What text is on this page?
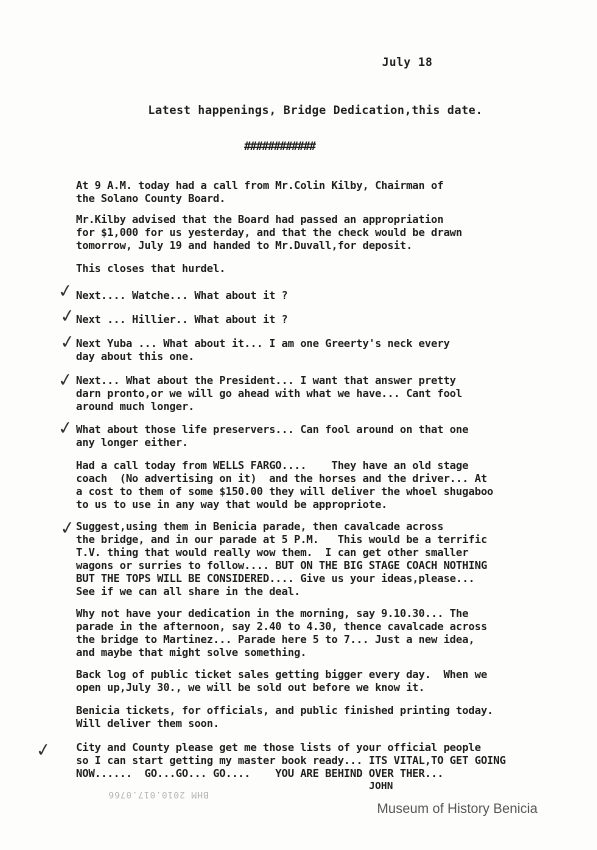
July 18
Latest happenings, Bridge Dedication,this date.
############
At 9 A.M. today had a call from Mr.Colin Kilby, Chairman of
the Solano County Board.
Mr.Kilby advised that the Board had passed an appropriation
for $1,000 for us yesterday, and that the check would be drawn
tomorrow, July 19 and handed to Mr.Duvall,for deposit.
This closes that hurdel.
Next.... Watche... What about it ?
Next ... Hillier.. What about it ?
Next Yuba ... What about it... I am one Greerty's neck every
day about this one.
Next... What about the President... I want that answer pretty
darn pronto,or we will go ahead with what we have... Cant fool
around much longer.
What about those life preservers... Can fool around on that one
any longer either.
Had a call today from WELLS FARGO....    They have an old stage
coach  (No advertising on it)  and the horses and the driver... At
a cost to them of some $150.00 they will deliver the whoel shugaboo
to us to use in any way that would be appropriote.
Suggest,using them in Benicia parade, then cavalcade across
the bridge, and in our parade at 5 P.M.   This would be a terrific
T.V. thing that would really wow them.  I can get other smaller
wagons or surries to follow.... BUT ON THE BIG STAGE COACH NOTHING
BUT THE TOPS WILL BE CONSIDERED.... Give us your ideas,please...
See if we can all share in the deal.
Why not have your dedication in the morning, say 9.10.30... The
parade in the afternoon, say 2.40 to 4.30, thence cavalcade across
the bridge to Martinez... Parade here 5 to 7... Just a new idea,
and maybe that might solve something.
Back log of public ticket sales getting bigger every day.  When we
open up,July 30., we will be sold out before we know it.
Benicia tickets, for officials, and public finished printing today.
Will deliver them soon.
City and County please get me those lists of your official people
so I can start getting my master book ready... ITS VITAL,TO GET GOING
NOW......  GO...GO... GO....    YOU ARE BEHIND OVER THER...
JOHN
✓
✓
✓
✓
✓
✓
✓
BHM 2010.017.0766
Museum of History Benicia
